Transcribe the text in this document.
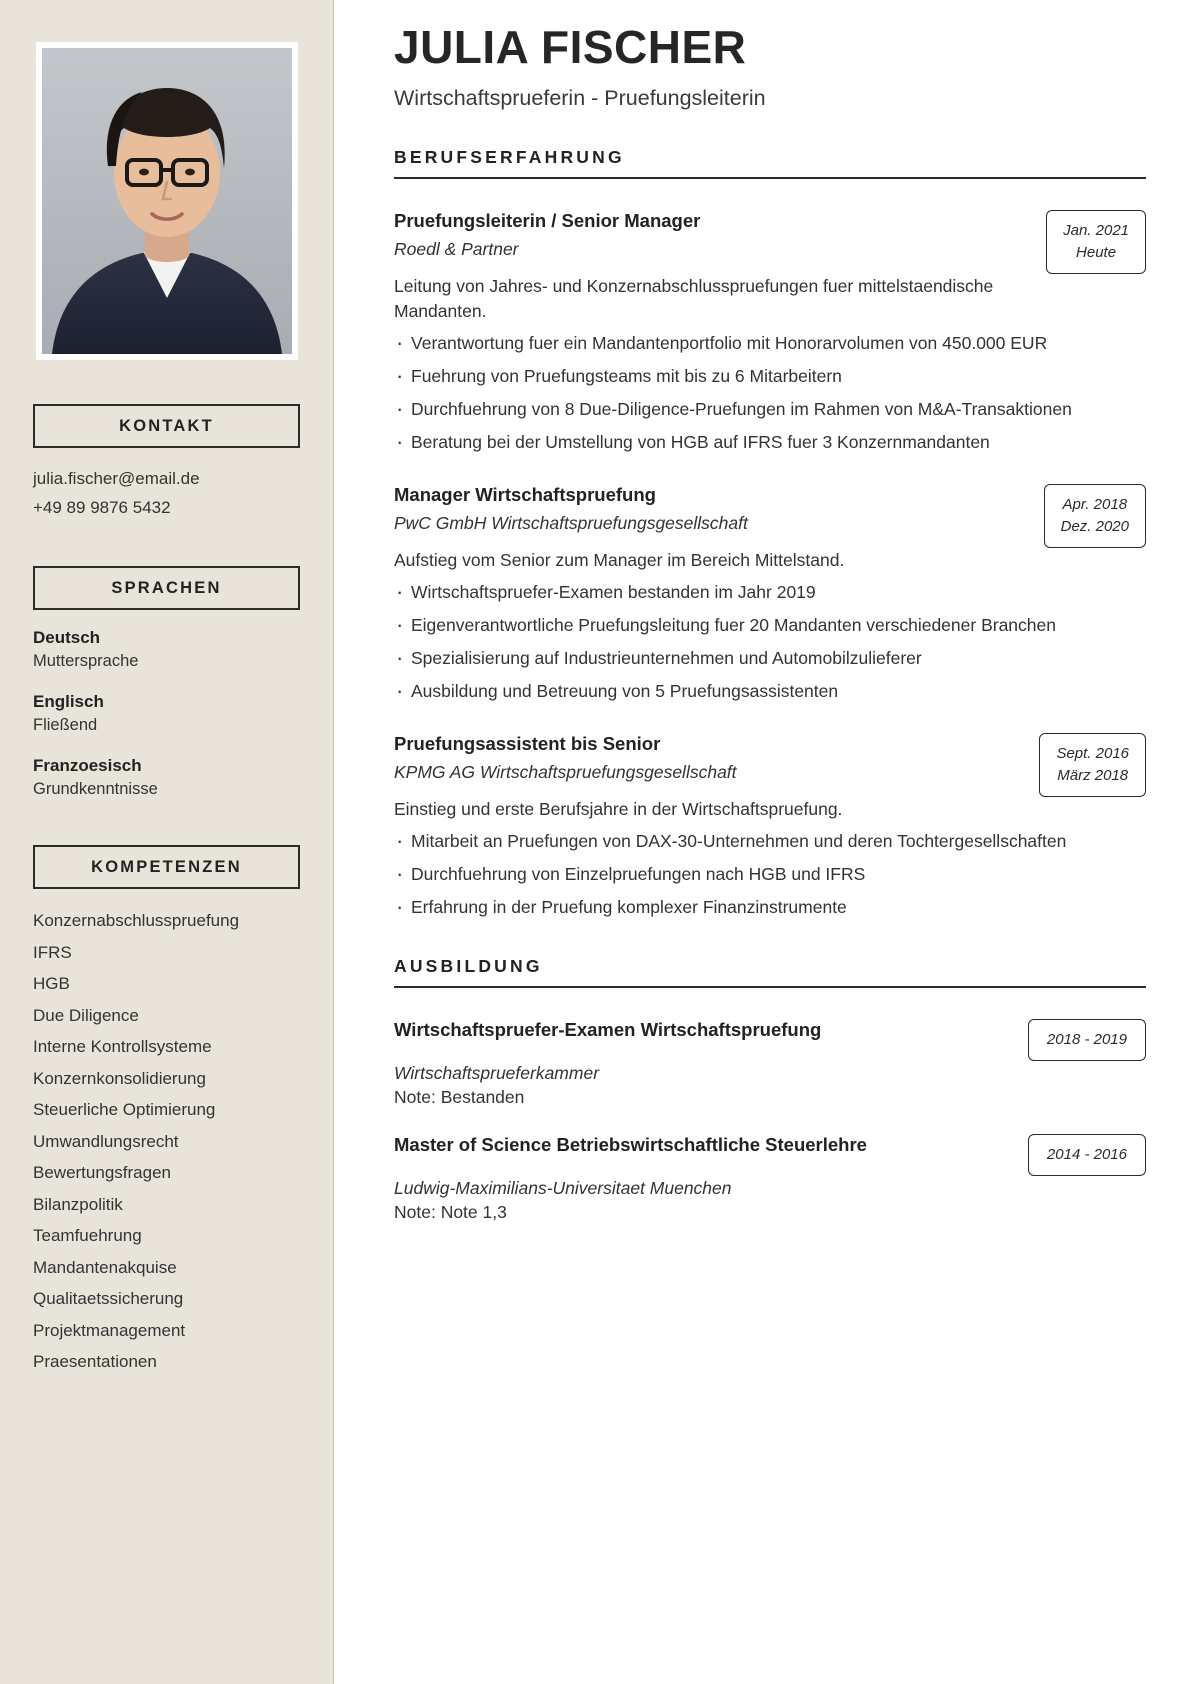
KONTAKT
julia.fischer@email.de
+49 89 9876 5432
SPRACHEN
Deutsch
Muttersprache
Englisch
Fließend
Franzoesisch
Grundkenntnisse
KOMPETENZEN
Konzernabschlusspruefung
IFRS
HGB
Due Diligence
Interne Kontrollsysteme
Konzernkonsolidierung
Steuerliche Optimierung
Umwandlungsrecht
Bewertungsfragen
Bilanzpolitik
Teamfuehrung
Mandantenakquise
Qualitaetssicherung
Projektmanagement
Praesentationen
JULIA FISCHER
Wirtschaftsprueferin - Pruefungsleiterin
BERUFSERFAHRUNG
Pruefungsleiterin / Senior Manager
Roedl & Partner
Jan. 2021
Heute

Leitung von Jahres- und Konzernabschlusspruefungen fuer mittelstaendische Mandanten.

· Verantwortung fuer ein Mandantenportfolio mit Honorarvolumen von 450.000 EUR
· Fuehrung von Pruefungsteams mit bis zu 6 Mitarbeitern
· Durchfuehrung von 8 Due-Diligence-Pruefungen im Rahmen von M&A-Transaktionen
· Beratung bei der Umstellung von HGB auf IFRS fuer 3 Konzernmandanten
Manager Wirtschaftspruefung
PwC GmbH Wirtschaftspruefungsgesellschaft
Apr. 2018
Dez. 2020

Aufstieg vom Senior zum Manager im Bereich Mittelstand.

· Wirtschaftspruefer-Examen bestanden im Jahr 2019
· Eigenverantwortliche Pruefungsleitung fuer 20 Mandanten verschiedener Branchen
· Spezialisierung auf Industrieunternehmen und Automobilzulieferer
· Ausbildung und Betreuung von 5 Pruefungsassistenten
Pruefungsassistent bis Senior
KPMG AG Wirtschaftspruefungsgesellschaft
Sept. 2016
März 2018

Einstieg und erste Berufsjahre in der Wirtschaftspruefung.

· Mitarbeit an Pruefungen von DAX-30-Unternehmen und deren Tochtergesellschaften
· Durchfuehrung von Einzelpruefungen nach HGB und IFRS
· Erfahrung in der Pruefung komplexer Finanzinstrumente
AUSBILDUNG
Wirtschaftspruefer-Examen Wirtschaftspruefung	2018 - 2019
Wirtschaftsprueferkammer
Note: Bestanden
Master of Science Betriebswirtschaftliche Steuerlehre	2014 - 2016
Ludwig-Maximilians-Universitaet Muenchen
Note: Note 1,3
